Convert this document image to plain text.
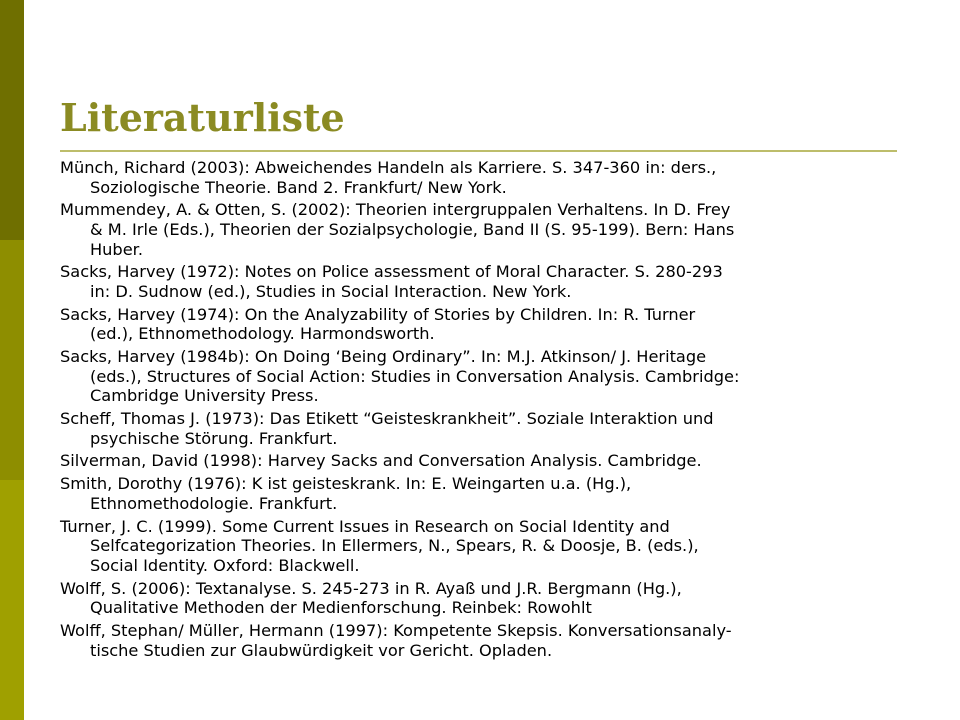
Literaturliste
Münch, Richard (2003): Abweichendes Handeln als Karriere. S. 347-360 in: ders.,
Soziologische Theorie. Band 2. Frankfurt/ New York.
Mummendey, A. & Otten, S. (2002): Theorien intergruppalen Verhaltens. In D. Frey
& M. Irle (Eds.), Theorien der Sozialpsychologie, Band II (S. 95-199). Bern: Hans
Huber.
Sacks, Harvey (1972): Notes on Police assessment of Moral Character. S. 280-293
in: D. Sudnow (ed.), Studies in Social Interaction. New York.
Sacks, Harvey (1974): On the Analyzability of Stories by Children. In: R. Turner
(ed.), Ethnomethodology. Harmondsworth.
Sacks, Harvey (1984b): On Doing ‘Being Ordinary”. In: M.J. Atkinson/ J. Heritage
(eds.), Structures of Social Action: Studies in Conversation Analysis. Cambridge:
Cambridge University Press.
Scheff, Thomas J. (1973): Das Etikett “Geisteskrankheit”. Soziale Interaktion und
psychische Störung. Frankfurt.
Silverman, David (1998): Harvey Sacks and Conversation Analysis. Cambridge.
Smith, Dorothy (1976): K ist geisteskrank. In: E. Weingarten u.a. (Hg.),
Ethnomethodologie. Frankfurt.
Turner, J. C. (1999). Some Current Issues in Research on Social Identity and
Selfcategorization Theories. In Ellermers, N., Spears, R. & Doosje, B. (eds.),
Social Identity. Oxford: Blackwell.
Wolff, S. (2006): Textanalyse. S. 245-273 in R. Ayaß und J.R. Bergmann (Hg.),
Qualitative Methoden der Medienforschung. Reinbek: Rowohlt
Wolff, Stephan/ Müller, Hermann (1997): Kompetente Skepsis. Konversationsanaly-
tische Studien zur Glaubwürdigkeit vor Gericht. Opladen.
